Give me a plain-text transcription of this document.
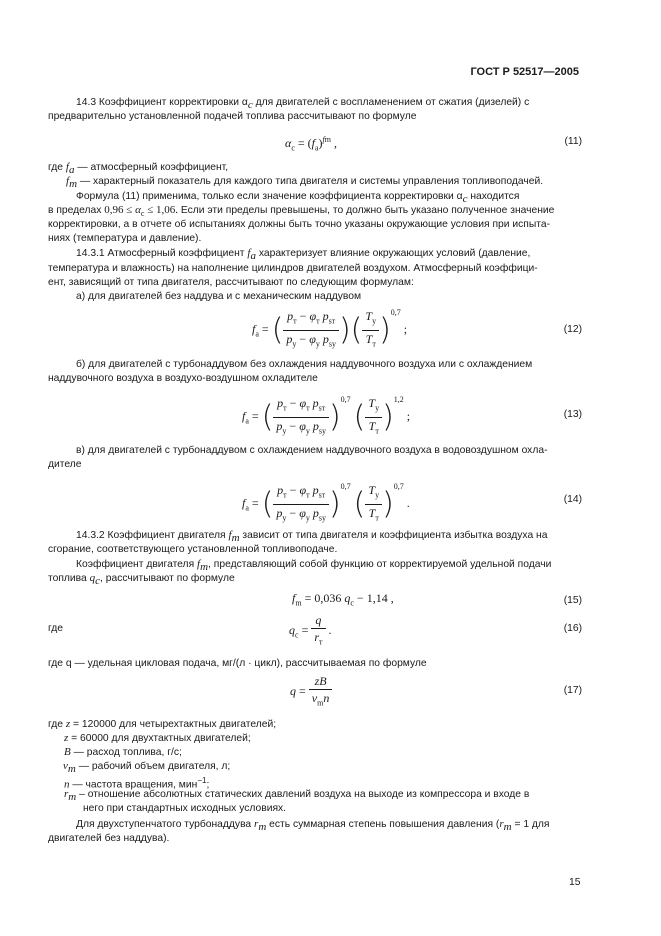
ГОСТ Р 52517—2005
14.3 Коэффициент корректировки $\alpha_c$ для двигателей с воспламенением от сжатия (дизелей) с
предварительно установленной подачей топлива рассчитывают по формуле
$\alpha_c = (f_a)^{fm}$ ,	(11)
где $f_a$ — атмосферный коэффициент,
$f_m$ — характерный показатель для каждого типа двигателя и системы управления топливоподачей.
Формула (11) применима, только если значение коэффициента корректировки $\alpha_c$ находится
в пределах $0,96 \le \alpha_c \le 1,06$. Если эти пределы превышены, то должно быть указано полученное значение
корректировки, а в отчете об испытаниях должны быть точно указаны окружающие условия при испыта-
ниях (температура и давление).
14.3.1 Атмосферный коэффициент $f_a$ характеризует влияние окружающих условий (давление,
температура и влажность) на наполнение цилиндров двигателей воздухом. Атмосферный коэффици-
ент, зависящий от типа двигателя, рассчитывают по следующим формулам:
а) для двигателей без наддува и с механическим наддувом
$f_a$ = ( $\frac{p_т - \varphi_т p_{sт}}{p_у - \varphi_у p_{sу}}$ )( $\frac{T_у}{T_т} )^{0,7}$ ;	(12)
б) для двигателей с турбонаддувом без охлаждения наддувочного воздуха или с охлаждением
наддувочного воздуха в воздухо-воздушном охладителе
$f_a$ = ( $\frac{p_т - \varphi_т p_{sт}}{p_у - \varphi_у p_{sу}} )^{0,7}$ ( $\frac{T_у}{T_т} )^{1,2}$ ;	(13)
в) для двигателей с турбонаддувом с охлаждением наддувочного воздуха в водовоздушном охла-
дителе
$f_a$ = ( $\frac{p_т - \varphi_т p_{sт}}{p_у - \varphi_у p_{sу}} )^{0,7}$ ( $\frac{T_у}{T_т} )^{0,7}$ .	(14)
14.3.2 Коэффициент двигателя $f_m$ зависит от типа двигателя и коэффициента избытка воздуха на
сгорание, соответствующего установленной топливоподаче.
Коэффициент двигателя $f_m$, представляющий собой функцию от корректируемой удельной подачи
топлива $q_c$, рассчитывают по формуле
$f_m = 0,036$ $q_c - 1,14$ ,	(15)
где	$q_c = \frac{q}{r_т}$ .	(16)
где q — удельная цикловая подача, мг/(л · цикл), рассчитываемая по формуле
$q = \frac{zB}{v_mn}$	(17)
где z = 120000 для четырехтактных двигателей;
z = 60000 для двухтактных двигателей;
B — расход топлива, г/с;
$v_m$ — рабочий объем двигателя, л;
n — частота вращения, мин$^{-1}$;
$r_т$ – отношение абсолютных статических давлений воздуха на выходе из компрессора и входе в
него при стандартных исходных условиях.
Для двухступенчатого турбонаддува $r_т$ есть суммарная степень повышения давления ($r_т = 1$ для
двигателей без наддува).
15
